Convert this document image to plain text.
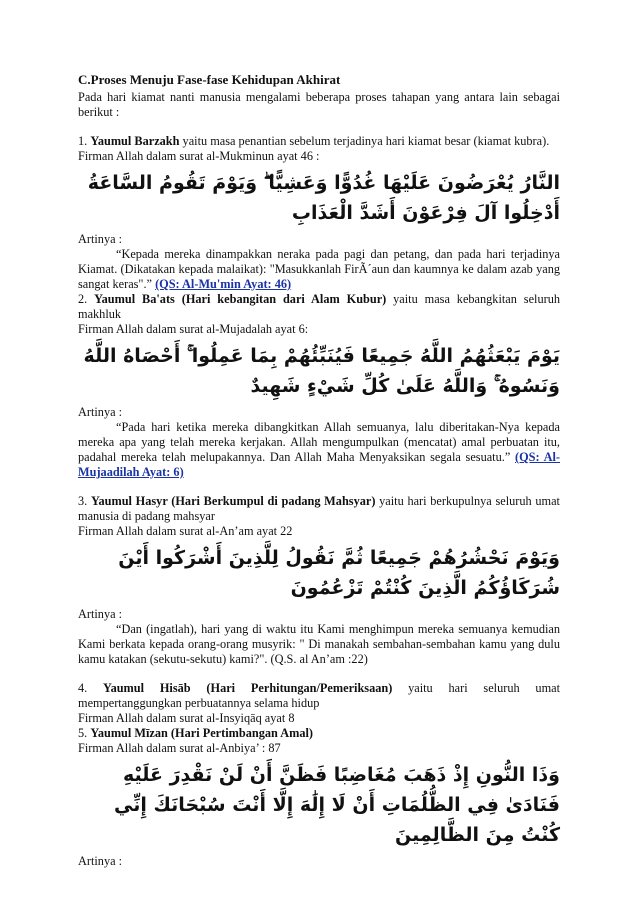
C.Proses Menuju Fase-fase Kehidupan Akhirat

Pada hari kiamat nanti manusia mengalami beberapa proses tahapan yang antara lain sebagai berikut :

1. Yaumul Barzakh yaitu masa penantian sebelum terjadinya hari kiamat besar (kiamat kubra).

Firman Allah dalam surat al-Mukminun ayat 46 :

النَّارُ يُعْرَضُونَ عَلَيْهَا غُدُوًّا وَعَشِيًّا ۖ وَيَوْمَ تَقُومُ السَّاعَةُ أَدْخِلُوا آلَ فِرْعَوْنَ أَشَدَّ الْعَذَابِ

Artinya :

“Kepada mereka dinampakkan neraka pada pagi dan petang, dan pada hari terjadinya Kiamat. (Dikatakan kepada malaikat): "Masukkanlah FirÃ´aun dan kaumnya ke dalam azab yang sangat keras".” (QS: Al-Mu'min Ayat: 46)

2. Yaumul Ba'ats (Hari kebangitan dari Alam Kubur) yaitu masa kebangkitan seluruh makhluk

Firman Allah dalam surat al-Mujadalah ayat 6:

يَوْمَ يَبْعَثُهُمُ اللَّهُ جَمِيعًا فَيُنَبِّئُهُمْ بِمَا عَمِلُوا ۚ أَحْصَاهُ اللَّهُ وَنَسُوهُ ۚ وَاللَّهُ عَلَىٰ كُلِّ شَيْءٍ شَهِيدٌ

Artinya :

“Pada hari ketika mereka dibangkitkan Allah semuanya, lalu diberitakan-Nya kepada mereka apa yang telah mereka kerjakan. Allah mengumpulkan (mencatat) amal perbuatan itu, padahal mereka telah melupakannya. Dan Allah Maha Menyaksikan segala sesuatu.” (QS: Al-Mujaadilah Ayat: 6)

3. Yaumul Hasyr (Hari Berkumpul di padang Mahsyar) yaitu hari berkupulnya seluruh umat manusia di padang mahsyar

Firman Allah dalam surat al-An’am ayat 22

وَيَوْمَ نَحْشُرُهُمْ جَمِيعًا ثُمَّ نَقُولُ لِلَّذِينَ أَشْرَكُوا أَيْنَ شُرَكَاؤُكُمُ الَّذِينَ كُنْتُمْ تَزْعُمُونَ

Artinya :

“Dan (ingatlah), hari yang di waktu itu Kami menghimpun mereka semuanya kemudian Kami berkata kepada orang-orang musyrik: " Di manakah sembahan-sembahan kamu yang dulu kamu katakan (sekutu-sekutu) kami?". (Q.S. al An’am :22)

4. Yaumul Hisāb (Hari Perhitungan/Pemeriksaan) yaitu hari seluruh umat mempertanggungkan perbuatannya selama hidup

Firman Allah dalam surat al-Insyiqāq ayat 8

5. Yaumul Mīzan (Hari Pertimbangan Amal)

Firman Allah dalam surat al-Anbiya’ : 87

وَذَا النُّونِ إِذْ ذَهَبَ مُغَاضِبًا فَظَنَّ أَنْ لَنْ نَقْدِرَ عَلَيْهِ فَنَادَىٰ فِي الظُّلُمَاتِ أَنْ لَا إِلَٰهَ إِلَّا أَنْتَ سُبْحَانَكَ إِنِّي كُنْتُ مِنَ الظَّالِمِينَ

Artinya :
